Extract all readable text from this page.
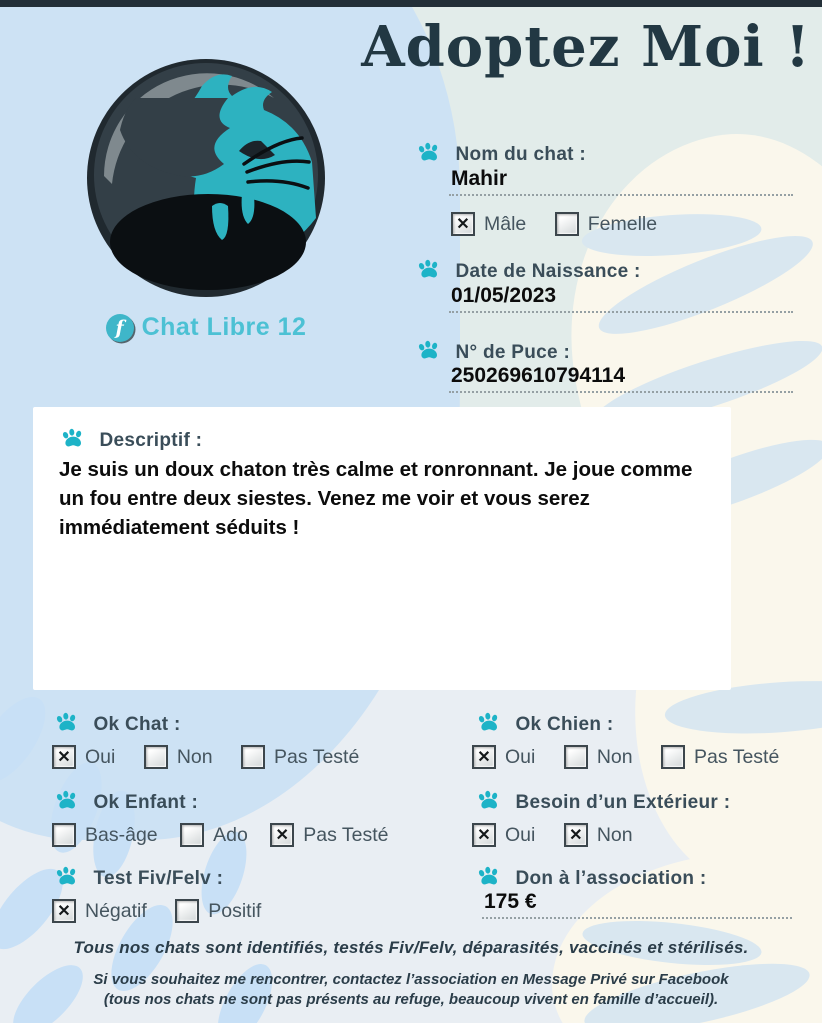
Adoptez Moi !
f Chat Libre 12
Nom du chat :
Mahir
✕
Mâle
	Femelle
Date de Naissance :
01/05/2023
N° de Puce :
250269610794114
Descriptif :
Je suis un doux chaton très calme et ronronnant. Je joue comme un fou entre deux siestes. Venez me voir et vous serez immédiatement séduits !
Ok Chat :
✕
Oui
	Non
	Pas Testé
Ok Enfant :
Bas-âge
	Ado
✕	Pas Testé
Test Fiv/Felv :
✕
Négatif
	Positif
Ok Chien :
✕
Oui
	Non
	Pas Testé
Besoin d’un Extérieur :
✕
Oui
✕	Non
Don à l’association :
175 €
Tous nos chats sont identifiés, testés Fiv/Felv, déparasités, vaccinés et stérilisés.
Si vous souhaitez me rencontrer, contactez l’association en Message Privé sur Facebook
(tous nos chats ne sont pas présents au refuge, beaucoup vivent en famille d’accueil).
